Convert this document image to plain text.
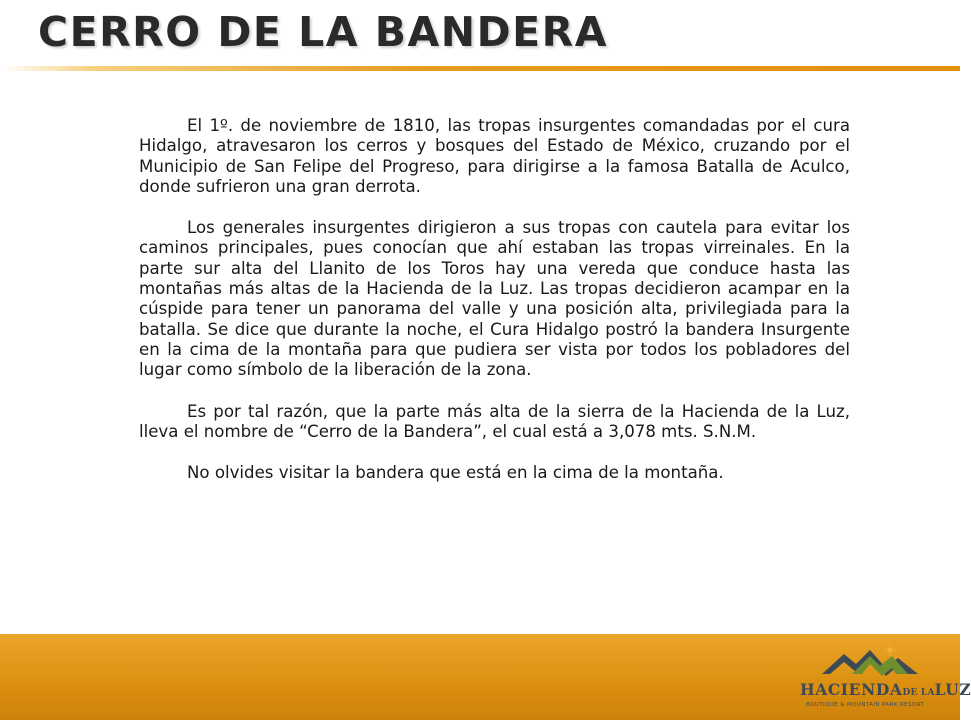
CERRO DE LA BANDERA

El 1º. de noviembre de 1810, las tropas insurgentes comandadas por el cura Hidalgo, atravesaron los cerros y bosques del Estado de México, cruzando por el Municipio de San Felipe del Progreso, para dirigirse a la famosa Batalla de Aculco, donde sufrieron una gran derrota.

Los generales insurgentes dirigieron a sus tropas con cautela para evitar los caminos principales, pues conocían que ahí estaban las tropas virreinales. En la parte sur alta del Llanito de los Toros hay una vereda que conduce hasta las montañas más altas de la Hacienda de la Luz. Las tropas decidieron acampar en la cúspide para tener un panorama del valle y una posición alta, privilegiada para la batalla. Se dice que durante la noche, el Cura Hidalgo postró la bandera Insurgente en la cima de la montaña para que pudiera ser vista por todos los pobladores del lugar como símbolo de la liberación de la zona.

Es por tal razón, que la parte más alta de la sierra de la Hacienda de la Luz, lleva el nombre de “Cerro de la Bandera”, el cual está a 3,078 mts. S.N.M.

No olvides visitar la bandera que está en la cima de la montaña.

HACIENDADE LALUZ
BOUTIQUE & MOUNTAIN PARK RESORT
